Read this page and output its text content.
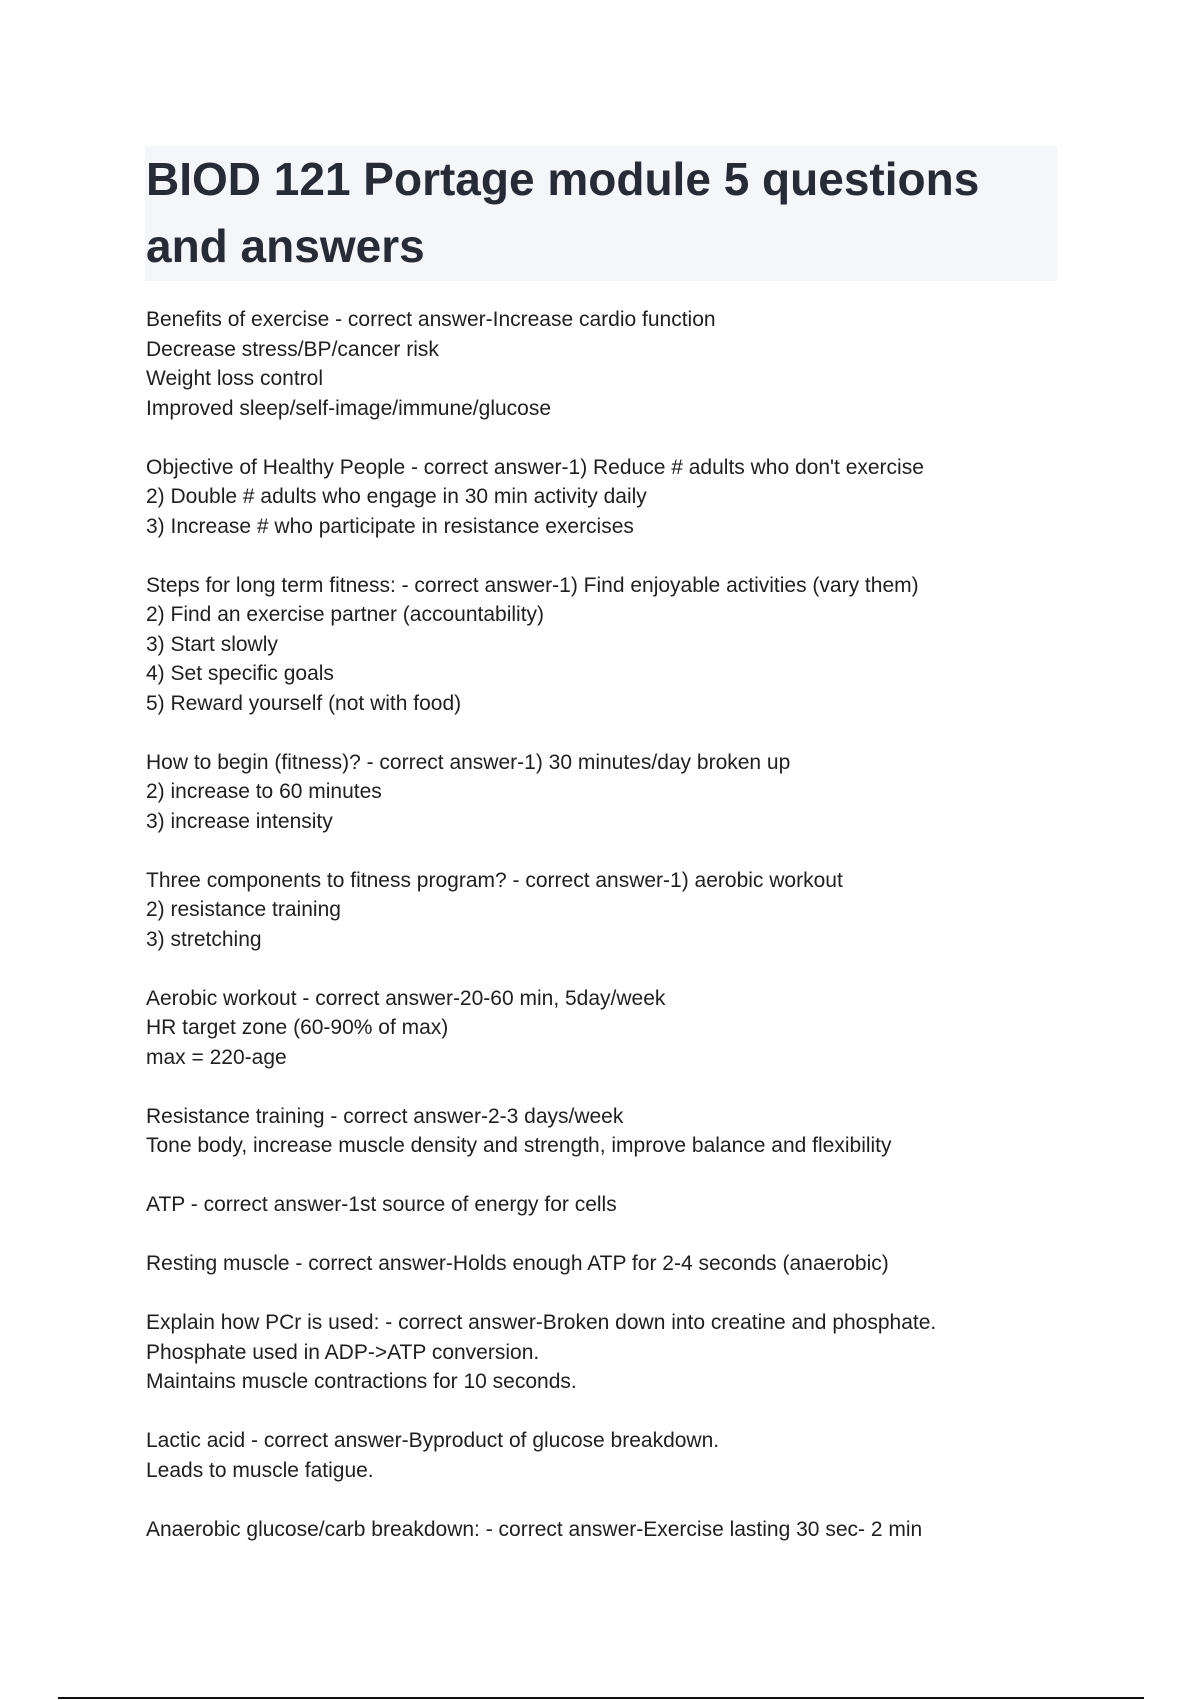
BIOD 121 Portage module 5 questions and answers
Benefits of exercise - correct answer-Increase cardio function
Decrease stress/BP/cancer risk
Weight loss control
Improved sleep/self-image/immune/glucose
Objective of Healthy People - correct answer-1) Reduce # adults who don't exercise
2) Double # adults who engage in 30 min activity daily
3) Increase # who participate in resistance exercises
Steps for long term fitness: - correct answer-1) Find enjoyable activities (vary them)
2) Find an exercise partner (accountability)
3) Start slowly
4) Set specific goals
5) Reward yourself (not with food)
How to begin (fitness)? - correct answer-1) 30 minutes/day broken up
2) increase to 60 minutes
3) increase intensity
Three components to fitness program? - correct answer-1) aerobic workout
2) resistance training
3) stretching
Aerobic workout - correct answer-20-60 min, 5day/week
HR target zone (60-90% of max)
max = 220-age
Resistance training - correct answer-2-3 days/week
Tone body, increase muscle density and strength, improve balance and flexibility
ATP - correct answer-1st source of energy for cells
Resting muscle - correct answer-Holds enough ATP for 2-4 seconds (anaerobic)
Explain how PCr is used: - correct answer-Broken down into creatine and phosphate.
Phosphate used in ADP->ATP conversion.
Maintains muscle contractions for 10 seconds.
Lactic acid - correct answer-Byproduct of glucose breakdown.
Leads to muscle fatigue.
Anaerobic glucose/carb breakdown: - correct answer-Exercise lasting 30 sec- 2 min
